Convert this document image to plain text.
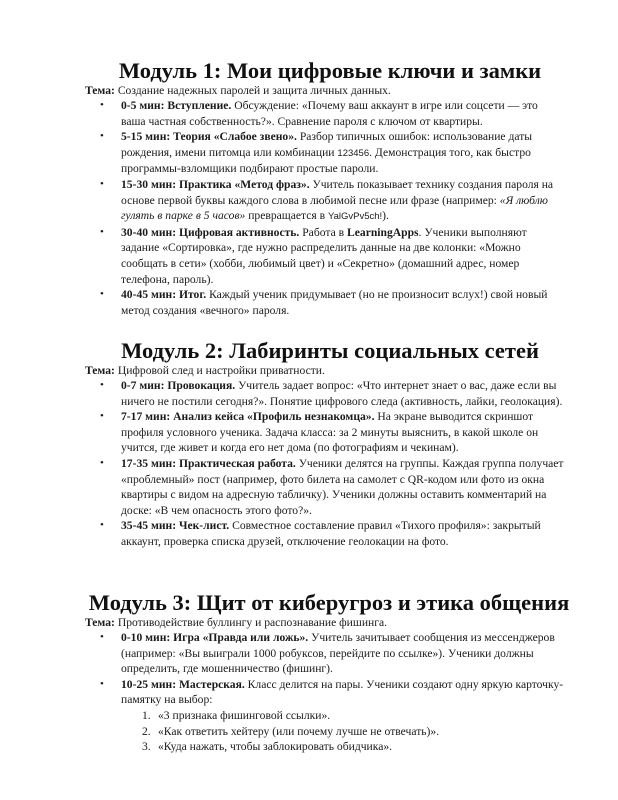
Модуль 1: Мои цифровые ключи и замки

Тема: Создание надежных паролей и защита личных данных.

• 0-5 мин: Вступление. Обсуждение: «Почему ваш аккаунт в игре или соцсети — это ваша частная собственность?». Сравнение пароля с ключом от квартиры.
• 5-15 мин: Теория «Слабое звено». Разбор типичных ошибок: использование даты рождения, имени питомца или комбинации 123456. Демонстрация того, как быстро программы-взломщики подбирают простые пароли.
• 15-30 мин: Практика «Метод фраз». Учитель показывает технику создания пароля на основе первой буквы каждого слова в любимой песне или фразе (например: «Я люблю гулять в парке в 5 часов» превращается в YalGvPv5ch!).
• 30-40 мин: Цифровая активность. Работа в LearningApps. Ученики выполняют задание «Сортировка», где нужно распределить данные на две колонки: «Можно сообщать в сети» (хобби, любимый цвет) и «Секретно» (домашний адрес, номер телефона, пароль).
• 40-45 мин: Итог. Каждый ученик придумывает (но не произносит вслух!) свой новый метод создания «вечного» пароля.
Модуль 2: Лабиринты социальных сетей

Тема: Цифровой след и настройки приватности.

• 0-7 мин: Провокация. Учитель задает вопрос: «Что интернет знает о вас, даже если вы ничего не постили сегодня?». Понятие цифрового следа (активность, лайки, геолокация).
• 7-17 мин: Анализ кейса «Профиль незнакомца». На экране выводится скриншот профиля условного ученика. Задача класса: за 2 минуты выяснить, в какой школе он учится, где живет и когда его нет дома (по фотографиям и чекинам).
• 17-35 мин: Практическая работа. Ученики делятся на группы. Каждая группа получает «проблемный» пост (например, фото билета на самолет с QR-кодом или фото из окна квартиры с видом на адресную табличку). Ученики должны оставить комментарий на доске: «В чем опасность этого фото?».
• 35-45 мин: Чек-лист. Совместное составление правил «Тихого профиля»: закрытый аккаунт, проверка списка друзей, отключение геолокации на фото.
Модуль 3: Щит от киберугроз и этика общения

Тема: Противодействие буллингу и распознавание фишинга.

• 0-10 мин: Игра «Правда или ложь». Учитель зачитывает сообщения из мессенджеров (например: «Вы выиграли 1000 робуксов, перейдите по ссылке»). Ученики должны определить, где мошенничество (фишинг).
• 10-25 мин: Мастерская. Класс делится на пары. Ученики создают одну яркую карточку-памятку на выбор:
1. «3 признака фишинговой ссылки».
2. «Как ответить хейтеру (или почему лучше не отвечать)».
3. «Куда нажать, чтобы заблокировать обидчика».
